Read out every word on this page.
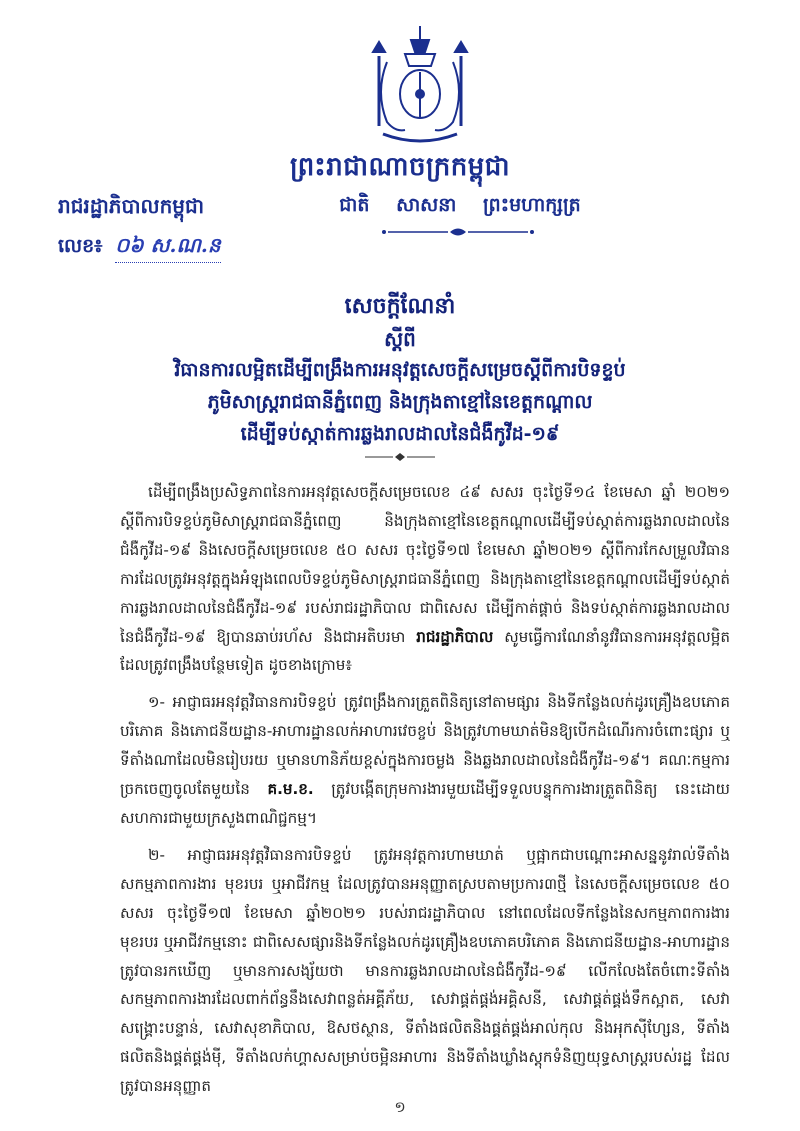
ព្រះរាជាណាចក្រកម្ពុជា
ជាតិ សាសនា ព្រះមហាក្សត្រ
រាជរដ្ឋាភិបាលកម្ពុជា
លេខ៖ ០៦ ស.ណ.ន
សេចក្តីណែនាំ
ស្តីពី
វិធានការលម្អិតដើម្បីពង្រឹងការអនុវត្តសេចក្តីសម្រេចស្តីពីការបិទខ្ទប់
ភូមិសាស្ត្ររាជធានីភ្នំពេញ និងក្រុងតាខ្មៅនៃខេត្តកណ្តាល
ដើម្បីទប់ស្កាត់ការឆ្លងរាលដាលនៃជំងឺកូវីដ-១៩

ដើម្បីពង្រឹងប្រសិទ្ធភាពនៃការអនុវត្តសេចក្តីសម្រេចលេខ ៤៩ សសរ ចុះថ្ងៃទី១៤ ខែមេសា ឆ្នាំ ២០២១ ស្តីពីការបិទខ្ទប់ភូមិសាស្ត្ររាជធានីភ្នំពេញ និងក្រុងតាខ្មៅនៃខេត្តកណ្តាលដើម្បីទប់ស្កាត់ការឆ្លងរាលដាលនៃជំងឺកូវីដ-១៩ និងសេចក្តីសម្រេចលេខ ៥០ សសរ ចុះថ្ងៃទី១៧ ខែមេសា ឆ្នាំ២០២១ ស្តីពីការកែសម្រួលវិធានការដែលត្រូវអនុវត្តក្នុងអំឡុងពេលបិទខ្ទប់ភូមិសាស្ត្ររាជធានីភ្នំពេញ និងក្រុងតាខ្មៅនៃខេត្តកណ្តាលដើម្បីទប់ស្កាត់ការឆ្លងរាលដាលនៃជំងឺកូវីដ-១៩ របស់រាជរដ្ឋាភិបាល ជាពិសេស ដើម្បីកាត់ផ្តាច់ និងទប់ស្កាត់ការឆ្លងរាលដាលនៃជំងឺកូវីដ-១៩ ឱ្យបានឆាប់រហ័ស និងជាអតិបរមា រាជរដ្ឋាភិបាល សូមធ្វើការណែនាំនូវវិធានការអនុវត្តលម្អិតដែលត្រូវពង្រឹងបន្ថែមទៀត ដូចខាងក្រោម៖

១- អាជ្ញាធរអនុវត្តវិធានការបិទខ្ទប់ ត្រូវពង្រឹងការត្រួតពិនិត្យនៅតាមផ្សារ និងទីកន្លែងលក់ដូរគ្រឿងឧបភោគបរិភោគ និងភោជនីយដ្ឋាន-អាហារដ្ឋានលក់អាហារវេចខ្ចប់ និងត្រូវហាមឃាត់មិនឱ្យបើកដំណើរការចំពោះផ្សារ ឬទីតាំងណាដែលមិនរៀបរយ ឬមានហានិភ័យខ្ពស់ក្នុងការចម្លង និងឆ្លងរាលដាលនៃជំងឺកូវីដ-១៩។ គណៈកម្មការច្រកចេញចូលតែមួយនៃ គ.ម.ខ. ត្រូវបង្កើតក្រុមការងារមួយដើម្បីទទួលបន្ទុកការងារត្រួតពិនិត្យ នេះដោយសហការជាមួយក្រសួងពាណិជ្ជកម្ម។

២- អាជ្ញាធរអនុវត្តវិធានការបិទខ្ទប់ ត្រូវអនុវត្តការហាមឃាត់ ឬផ្អាកជាបណ្តោះអាសន្ននូវរាល់ទីតាំងសកម្មភាពការងារ មុខរបរ ឬអាជីវកម្ម ដែលត្រូវបានអនុញ្ញាតស្របតាមប្រការ៣ថ្មី នៃសេចក្តីសម្រេចលេខ ៥០ សសរ ចុះថ្ងៃទី១៧ ខែមេសា ឆ្នាំ២០២១ របស់រាជរដ្ឋាភិបាល នៅពេលដែលទីកន្លែងនៃសកម្មភាពការងារ មុខរបរ ឬអាជីវកម្មនោះ ជាពិសេសផ្សារនិងទីកន្លែងលក់ដូរគ្រឿងឧបភោគបរិភោគ និងភោជនីយដ្ឋាន-អាហារដ្ឋាន ត្រូវបានរកឃើញ ឬមានការសង្ស័យថា មានការឆ្លងរាលដាលនៃជំងឺកូវីដ-១៩ លើកលែងតែចំពោះទីតាំងសកម្មភាពការងារដែលពាក់ព័ន្ធនឹងសេវាពន្លត់អគ្គីភ័យ, សេវាផ្គត់ផ្គង់អគ្គិសនី, សេវាផ្គត់ផ្គង់ទឹកស្អាត, សេវាសង្គ្រោះបន្ទាន់, សេវាសុខាភិបាល, ឱសថស្ថាន, ទីតាំងផលិតនិងផ្គត់ផ្គង់អាល់កុល និងអុកស៊ីហ្សែន, ទីតាំងផលិតនិងផ្គត់ផ្គង់ម៉ី, ទីតាំងលក់ហ្គាសសម្រាប់ចម្អិនអាហារ និងទីតាំងឃ្លាំងស្តុកទំនិញយុទ្ធសាស្ត្ររបស់រដ្ឋ ដែលត្រូវបានអនុញ្ញាត

១
